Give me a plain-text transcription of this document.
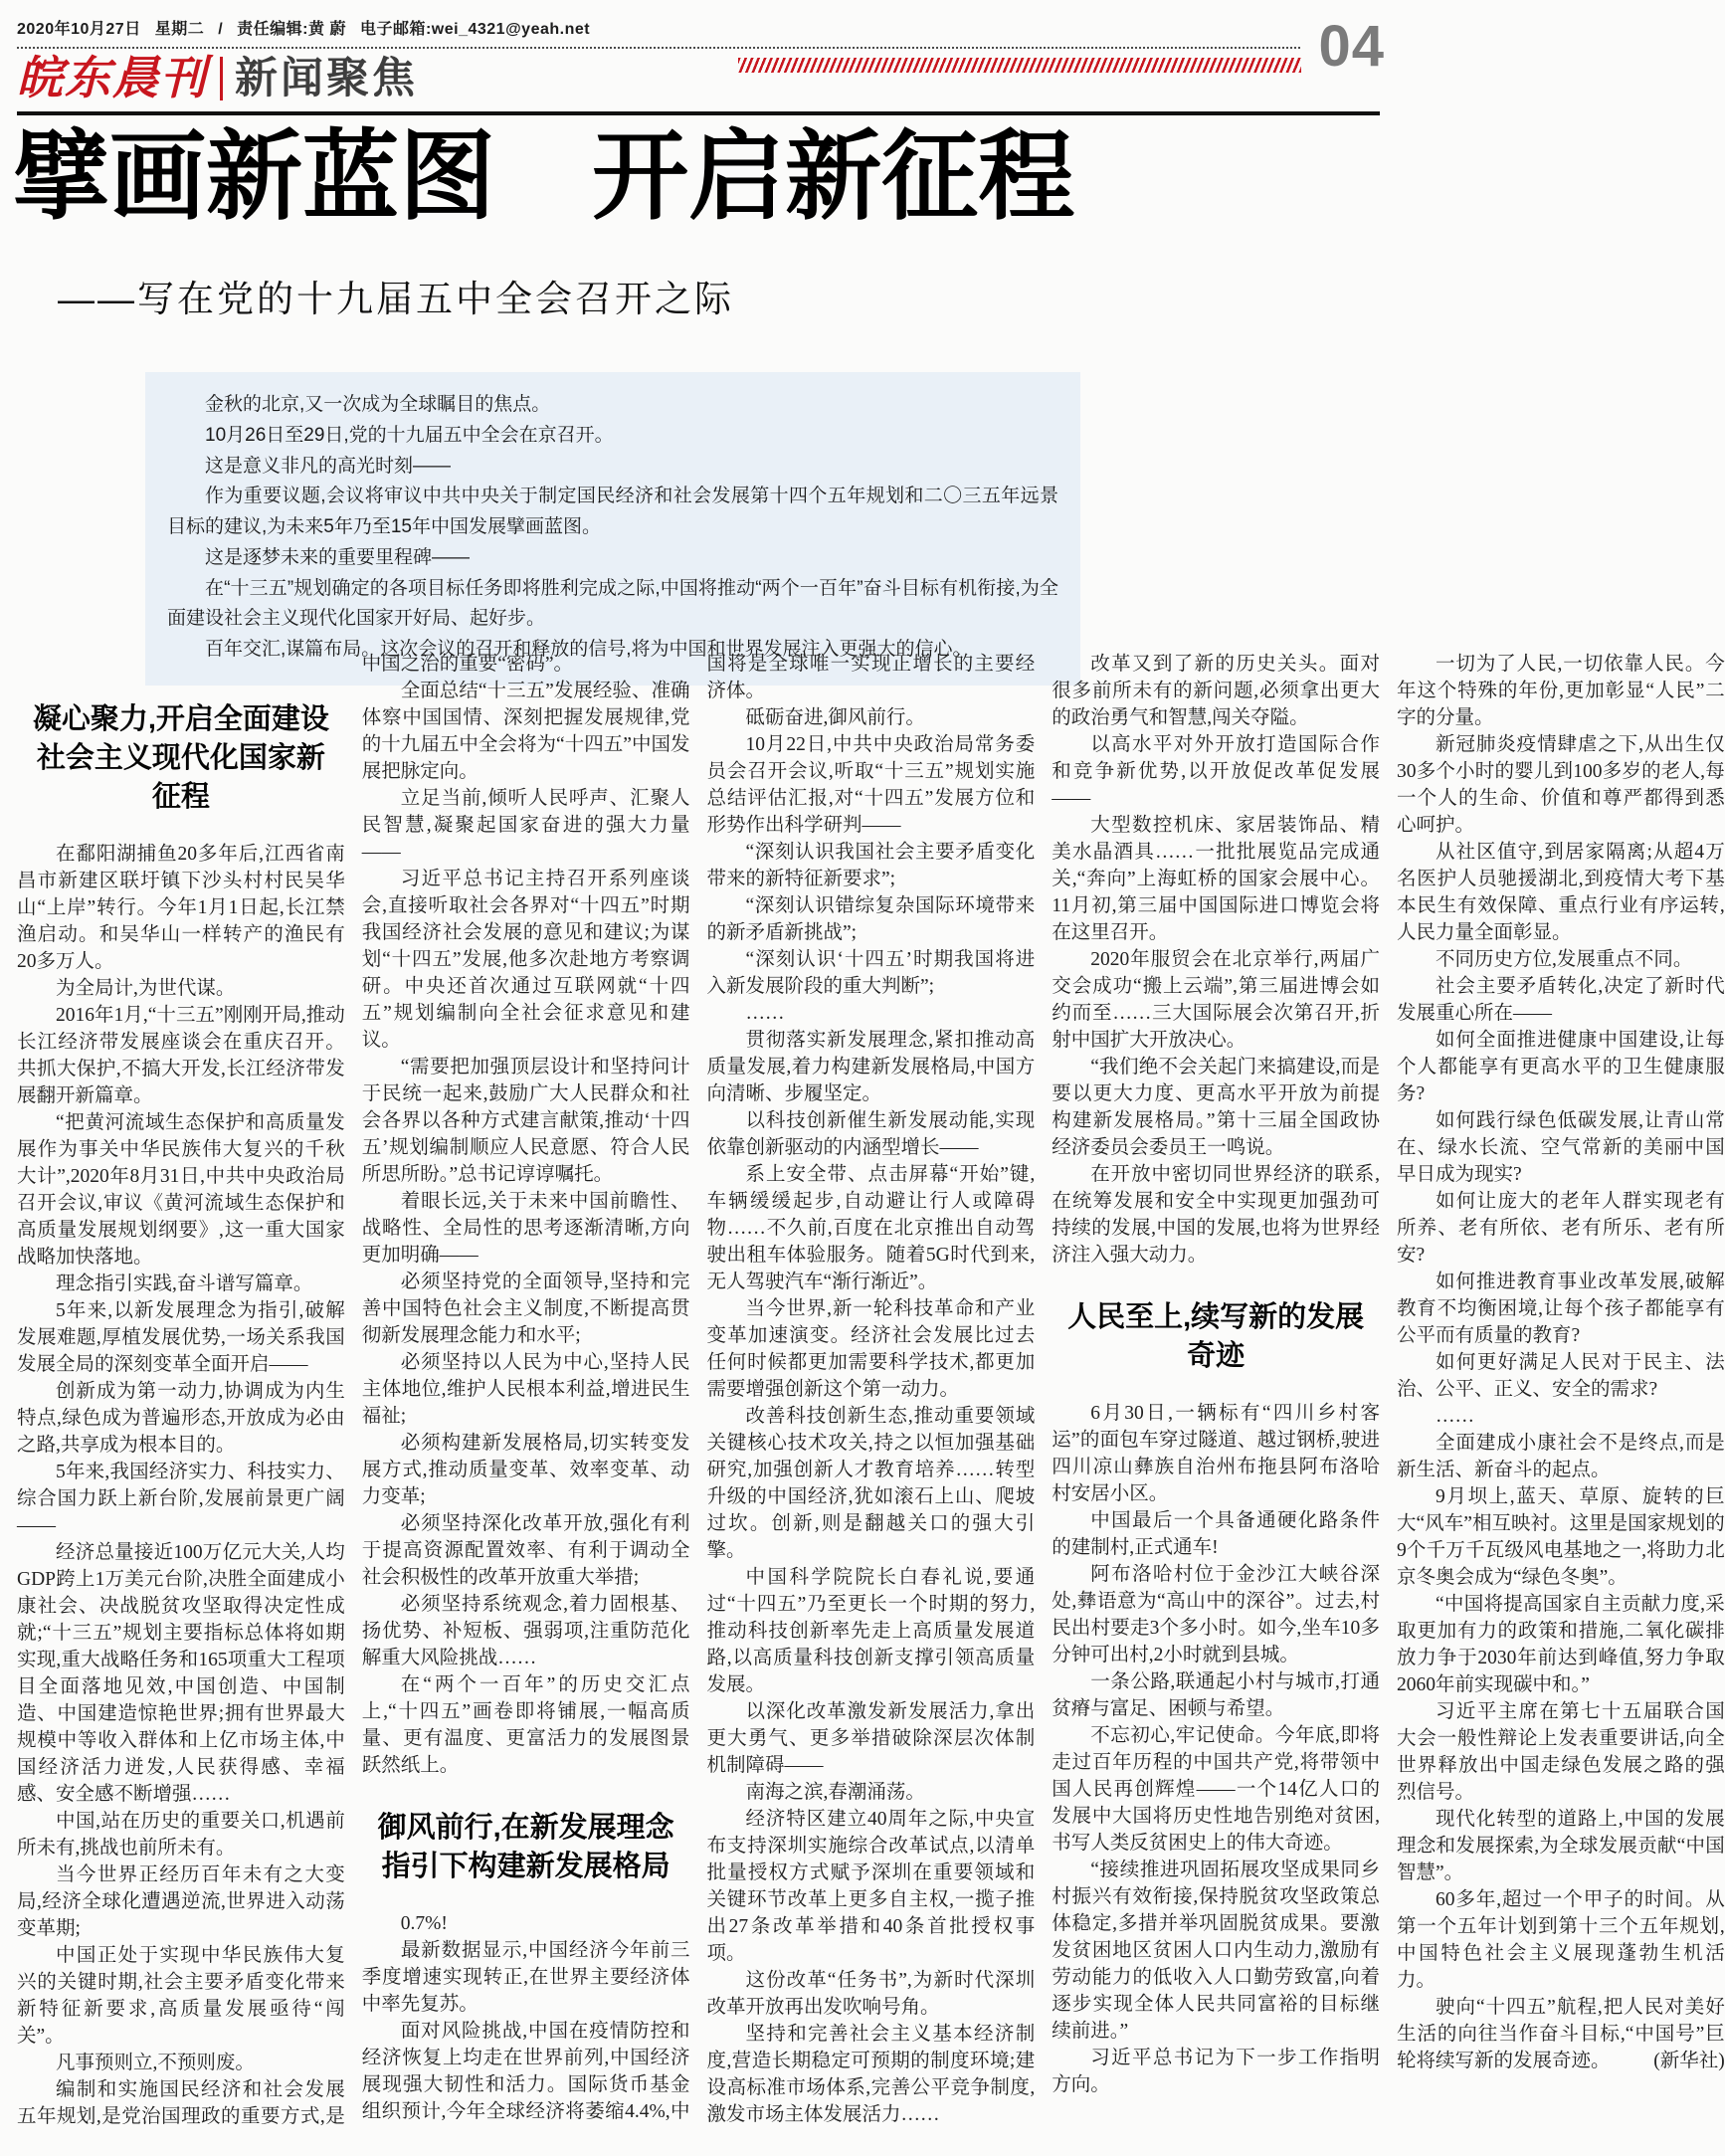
2020年10月27日 星期二 / 责任编辑:黄 蔚 电子邮箱:wei_4321@yeah.net	04
皖东晨刊 新闻聚焦
擘画新蓝图　开启新征程
——写在党的十九届五中全会召开之际

金秋的北京,又一次成为全球瞩目的焦点。

10月26日至29日,党的十九届五中全会在京召开。

这是意义非凡的高光时刻——

作为重要议题,会议将审议中共中央关于制定国民经济和社会发展第十四个五年规划和二〇三五年远景目标的建议,为未来5年乃至15年中国发展擘画蓝图。

这是逐梦未来的重要里程碑——

在“十三五”规划确定的各项目标任务即将胜利完成之际,中国将推动“两个一百年”奋斗目标有机衔接,为全面建设社会主义现代化国家开好局、起好步。

百年交汇,谋篇布局。这次会议的召开和释放的信号,将为中国和世界发展注入更强大的信心。

凝心聚力,开启全面建设社会主义现代化国家新征程

在鄱阳湖捕鱼20多年后,江西省南昌市新建区联圩镇下沙头村村民吴华山“上岸”转行。今年1月1日起,长江禁渔启动。和吴华山一样转产的渔民有20多万人。

为全局计,为世代谋。

2016年1月,“十三五”刚刚开局,推动长江经济带发展座谈会在重庆召开。共抓大保护,不搞大开发,长江经济带发展翻开新篇章。

“把黄河流域生态保护和高质量发展作为事关中华民族伟大复兴的千秋大计”,2020年8月31日,中共中央政治局召开会议,审议《黄河流域生态保护和高质量发展规划纲要》,这一重大国家战略加快落地。

理念指引实践,奋斗谱写篇章。

5年来,以新发展理念为指引,破解发展难题,厚植发展优势,一场关系我国发展全局的深刻变革全面开启——

创新成为第一动力,协调成为内生特点,绿色成为普遍形态,开放成为必由之路,共享成为根本目的。

5年来,我国经济实力、科技实力、综合国力跃上新台阶,发展前景更广阔——

经济总量接近100万亿元大关,人均GDP跨上1万美元台阶,决胜全面建成小康社会、决战脱贫攻坚取得决定性成就;“十三五”规划主要指标总体将如期实现,重大战略任务和165项重大工程项目全面落地见效,中国创造、中国制造、中国建造惊艳世界;拥有世界最大规模中等收入群体和上亿市场主体,中国经济活力迸发,人民获得感、幸福感、安全感不断增强……

中国,站在历史的重要关口,机遇前所未有,挑战也前所未有。

当今世界正经历百年未有之大变局,经济全球化遭遇逆流,世界进入动荡变革期;

中国正处于实现中华民族伟大复兴的关键时期,社会主要矛盾变化带来新特征新要求,高质量发展亟待“闯关”。

凡事预则立,不预则废。

编制和实施国民经济和社会发展五年规划,是党治国理政的重要方式,是中国之治的重要“密码”。

全面总结“十三五”发展经验、准确体察中国国情、深刻把握发展规律,党的十九届五中全会将为“十四五”中国发展把脉定向。

立足当前,倾听人民呼声、汇聚人民智慧,凝聚起国家奋进的强大力量——

习近平总书记主持召开系列座谈会,直接听取社会各界对“十四五”时期我国经济社会发展的意见和建议;为谋划“十四五”发展,他多次赴地方考察调研。中央还首次通过互联网就“十四五”规划编制向全社会征求意见和建议。

“需要把加强顶层设计和坚持问计于民统一起来,鼓励广大人民群众和社会各界以各种方式建言献策,推动‘十四五’规划编制顺应人民意愿、符合人民所思所盼。”总书记谆谆嘱托。

着眼长远,关于未来中国前瞻性、战略性、全局性的思考逐渐清晰,方向更加明确——

必须坚持党的全面领导,坚持和完善中国特色社会主义制度,不断提高贯彻新发展理念能力和水平;

必须坚持以人民为中心,坚持人民主体地位,维护人民根本利益,增进民生福祉;

必须构建新发展格局,切实转变发展方式,推动质量变革、效率变革、动力变革;

必须坚持深化改革开放,强化有利于提高资源配置效率、有利于调动全社会积极性的改革开放重大举措;

必须坚持系统观念,着力固根基、扬优势、补短板、强弱项,注重防范化解重大风险挑战……

在“两个一百年”的历史交汇点上,“十四五”画卷即将铺展,一幅高质量、更有温度、更富活力的发展图景跃然纸上。

御风前行,在新发展理念指引下构建新发展格局

0.7%!

最新数据显示,中国经济今年前三季度增速实现转正,在世界主要经济体中率先复苏。

面对风险挑战,中国在疫情防控和经济恢复上均走在世界前列,中国经济展现强大韧性和活力。国际货币基金组织预计,今年全球经济将萎缩4.4%,中国将是全球唯一实现正增长的主要经济体。

砥砺奋进,御风前行。

10月22日,中共中央政治局常务委员会召开会议,听取“十三五”规划实施总结评估汇报,对“十四五”发展方位和形势作出科学研判——

“深刻认识我国社会主要矛盾变化带来的新特征新要求”;

“深刻认识错综复杂国际环境带来的新矛盾新挑战”;

“深刻认识‘十四五’时期我国将进入新发展阶段的重大判断”;

……

贯彻落实新发展理念,紧扣推动高质量发展,着力构建新发展格局,中国方向清晰、步履坚定。

以科技创新催生新发展动能,实现依靠创新驱动的内涵型增长——

系上安全带、点击屏幕“开始”键,车辆缓缓起步,自动避让行人或障碍物……不久前,百度在北京推出自动驾驶出租车体验服务。随着5G时代到来,无人驾驶汽车“渐行渐近”。

当今世界,新一轮科技革命和产业变革加速演变。经济社会发展比过去任何时候都更加需要科学技术,都更加需要增强创新这个第一动力。

改善科技创新生态,推动重要领域关键核心技术攻关,持之以恒加强基础研究,加强创新人才教育培养……转型升级的中国经济,犹如滚石上山、爬坡过坎。创新,则是翻越关口的强大引擎。

中国科学院院长白春礼说,要通过“十四五”乃至更长一个时期的努力,推动科技创新率先走上高质量发展道路,以高质量科技创新支撑引领高质量发展。

以深化改革激发新发展活力,拿出更大勇气、更多举措破除深层次体制机制障碍——

南海之滨,春潮涌荡。

经济特区建立40周年之际,中央宣布支持深圳实施综合改革试点,以清单批量授权方式赋予深圳在重要领域和关键环节改革上更多自主权,一揽子推出27条改革举措和40条首批授权事项。

这份改革“任务书”,为新时代深圳改革开放再出发吹响号角。

坚持和完善社会主义基本经济制度,营造长期稳定可预期的制度环境;建设高标准市场体系,完善公平竞争制度,激发市场主体发展活力……

改革又到了新的历史关头。面对很多前所未有的新问题,必须拿出更大的政治勇气和智慧,闯关夺隘。

以高水平对外开放打造国际合作和竞争新优势,以开放促改革促发展——

大型数控机床、家居装饰品、精美水晶酒具……一批批展览品完成通关,“奔向”上海虹桥的国家会展中心。11月初,第三届中国国际进口博览会将在这里召开。

2020年服贸会在北京举行,两届广交会成功“搬上云端”,第三届进博会如约而至……三大国际展会次第召开,折射中国扩大开放决心。

“我们绝不会关起门来搞建设,而是要以更大力度、更高水平开放为前提构建新发展格局。”第十三届全国政协经济委员会委员王一鸣说。

在开放中密切同世界经济的联系,在统筹发展和安全中实现更加强劲可持续的发展,中国的发展,也将为世界经济注入强大动力。

人民至上,续写新的发展奇迹

6月30日,一辆标有“四川乡村客运”的面包车穿过隧道、越过钢桥,驶进四川凉山彝族自治州布拖县阿布洛哈村安居小区。

中国最后一个具备通硬化路条件的建制村,正式通车!

阿布洛哈村位于金沙江大峡谷深处,彝语意为“高山中的深谷”。过去,村民出村要走3个多小时。如今,坐车10多分钟可出村,2小时就到县城。

一条公路,联通起小村与城市,打通贫瘠与富足、困顿与希望。

不忘初心,牢记使命。今年底,即将走过百年历程的中国共产党,将带领中国人民再创辉煌——一个14亿人口的发展中大国将历史性地告别绝对贫困,书写人类反贫困史上的伟大奇迹。

“接续推进巩固拓展攻坚成果同乡村振兴有效衔接,保持脱贫攻坚政策总体稳定,多措并举巩固脱贫成果。要激发贫困地区贫困人口内生动力,激励有劳动能力的低收入人口勤劳致富,向着逐步实现全体人民共同富裕的目标继续前进。”

习近平总书记为下一步工作指明方向。

一切为了人民,一切依靠人民。今年这个特殊的年份,更加彰显“人民”二字的分量。

新冠肺炎疫情肆虐之下,从出生仅30多个小时的婴儿到100多岁的老人,每一个人的生命、价值和尊严都得到悉心呵护。

从社区值守,到居家隔离;从超4万名医护人员驰援湖北,到疫情大考下基本民生有效保障、重点行业有序运转,人民力量全面彰显。

不同历史方位,发展重点不同。

社会主要矛盾转化,决定了新时代发展重心所在——

如何全面推进健康中国建设,让每个人都能享有更高水平的卫生健康服务?

如何践行绿色低碳发展,让青山常在、绿水长流、空气常新的美丽中国早日成为现实?

如何让庞大的老年人群实现老有所养、老有所依、老有所乐、老有所安?

如何推进教育事业改革发展,破解教育不均衡困境,让每个孩子都能享有公平而有质量的教育?

如何更好满足人民对于民主、法治、公平、正义、安全的需求?

……

全面建成小康社会不是终点,而是新生活、新奋斗的起点。

9月坝上,蓝天、草原、旋转的巨大“风车”相互映衬。这里是国家规划的9个千万千瓦级风电基地之一,将助力北京冬奥会成为“绿色冬奥”。

“中国将提高国家自主贡献力度,采取更加有力的政策和措施,二氧化碳排放力争于2030年前达到峰值,努力争取2060年前实现碳中和。”

习近平主席在第七十五届联合国大会一般性辩论上发表重要讲话,向全世界释放出中国走绿色发展之路的强烈信号。

现代化转型的道路上,中国的发展理念和发展探索,为全球发展贡献“中国智慧”。

60多年,超过一个甲子的时间。从第一个五年计划到第十三个五年规划,中国特色社会主义展现蓬勃生机活力。

驶向“十四五”航程,把人民对美好生活的向往当作奋斗目标,“中国号”巨轮将续写新的发展奇迹。	(新华社)
